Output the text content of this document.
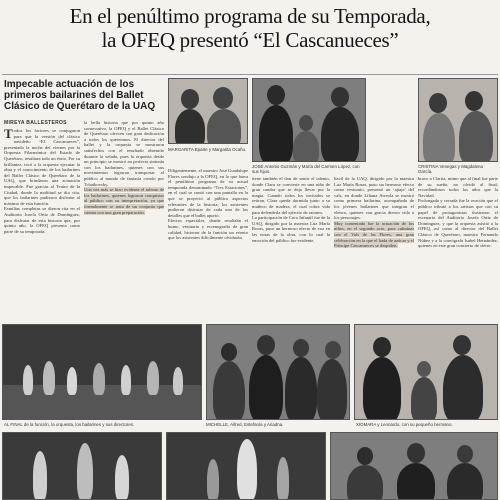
En el penúltimo programa de su Temporada,
la OFEQ presentó “El Cascanueces”
Impecable actuación de los primeros bailarines del Ballet Clásico de Querétaro de la UAQ
MIREYA BALLESTEROS
Todos los factores se conjugaron para que la versión del clásico navideño “El Cascanueces”, presentado la noche del viernes por la Orquesta Filarmónica del Estado de Querétaro, resultara todo un éxito. Por su brillantez, tocó a la orquesta ejecutar la obra y el conocimiento de los bailarines del Ballet Clásico de Querétaro de la UAQ, que brindaron una actuación impecable. Fue gracias al Teatro de la Ciudad, donde la multitud se dio cita, que los bailarines pudieron disfrutar al máximo de esta función.
Familias completas se dieron cita en el Auditorio Josefa Ortiz de Domínguez, para disfrutar de esta historia que, por quinto año, la OFEQ presenta como parte de su temporada.
la bella historia que por quinto año consecutivo, la OFEQ y el Ballet Clásico de Querétaro ofrecen con gran dedicación a todos los queretanos. El director del ballet y la orquesta se mostraron satisfechos con el resultado obtenido durante la velada, pues la orquesta desde un principio se mostró en perfecta sintonía con los bailarines, quienes con sus movimientos lograron transportar al público al mundo de fantasía creado por Tchaikovsky.
Una vez más se hizo evidente el talento de los bailarines, quienes lograron conquistar al público con su interpretación, ya que formalmente se trata de un conjunto que cuenta con una gran preparación.
MARGARITA Eparte y Margarita Ocaño.
JOSÉ Antonio Guzmán y María del Carmen López, con sus hijos.
CRISTINA Venegas y Magdalena García.
Diligentemente, el maestro José Guadalupe Flores condujo a la OFEQ, en lo que fuera el penúltimo programa de su actual temporada denominado “Tres Estaciones”, en el cual se contó con una pantalla en la que se proyectó al público aspectos relevantes de la historia; los asistentes pudieron disfrutar de cada uno de los detalles que el ballet aportó.
Efectos especiales, donde resaltaba el humo, vestuario y escenografía de gran calidad, hicieron de la función un evento que los asistentes difícilmente olvidarán.
tiene también el don de sentir el talento, donde Clara se convierte en una niña de gran candor que se deja llevar por la magia. Cuando todos los invitados se retiran, Clara queda dormida junto a su muñeco de madera, el cual cobra vida para defenderla del ejército de ratones.
La participación de Coro Infantil fue de la UAQ, dirigido por la maestra Luz María Rosas, puso un hermoso efecto de voz en las notas de la obra, con lo cual la emoción del público fue evidente.
liacil de la UAQ, dirigido por la maestra Luz María Rosas, puso un hermoso efecto como vestuario, presentó un ‘ajiaje’ del vals, en donde Liliana Arreola se mostró como primera bailarina, acompañada de los jóvenes bailarines que integran el elenco, quienes con gracia dieron vida a los personajes.
Muy comentada fue la actuación de los niños, en el segundo acto, para culminar con el Vals de las Flores, una gran celebración en la que el hada de azúcar y el Príncipe Cascanueces se despiden.
bravo a Clarita, mimo que al final fue parte de su sueño, no olvidó al final, recordándonos todos los años que la Navidad.
Prolongada y cerrada fue la ovación que el público tributó a los artistas que con su papel de protagonistas ilustraron el escenario del Auditorio Josefa Ortiz de Domínguez, y que la orquesta asistió a la OFEQ, así como al director del Ballet Clásico de Querétaro, maestro Fernando Núñez y a la coreógrafa Isabel Hernández, quienes en este gran concierto de cierre.
AL FINAL de la función, la orquesta, los bailarines y sus directores.	MICHELLE, Aifred, Estefanía y Ariadna.	XIOMARA y Leonardo, con su pequeño hermano.
